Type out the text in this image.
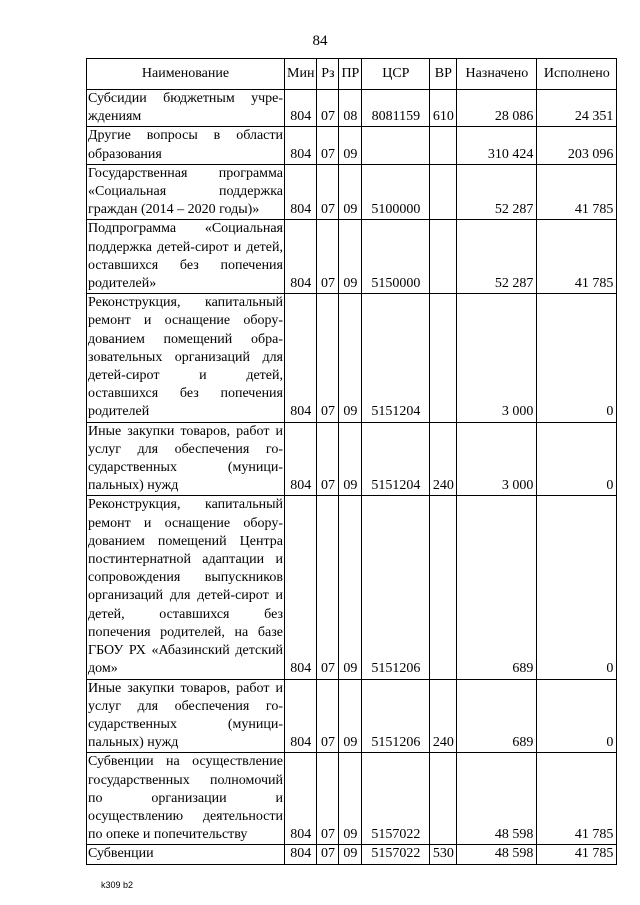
84
Наименование	Мин	Рз	ПР	ЦСР	ВР	Назначено	Исполнено
Субсидии бюджетным учреждениям	804	07	08	8081159	610	28 086	24 351
Другие вопросы в области образования	804	07	09			310 424	203 096
Государственная программа «Социальная поддержка граждан (2014 – 2020 годы)»	804	07	09	5100000		52 287	41 785
Подпрограмма «Социальная поддержка детей-сирот и детей, оставшихся без попечения родителей»	804	07	09	5150000		52 287	41 785
Реконструкция, капитальный ремонт и оснащение оборудованием помещений образовательных организаций для детей-сирот и детей, оставшихся без попечения родителей	804	07	09	5151204		3 000	0
Иные закупки товаров, работ и услуг для обеспечения государственных (муниципальных) нужд	804	07	09	5151204	240	3 000	0
Реконструкция, капитальный ремонт и оснащение оборудованием помещений Центра постинтернатной адаптации и сопровождения выпускников организаций для детей-сирот и детей, оставшихся без попечения родителей, на базе ГБОУ РХ «Абазинский детский дом»	804	07	09	5151206		689	0
Иные закупки товаров, работ и услуг для обеспечения государственных (муниципальных) нужд	804	07	09	5151206	240	689	0
Субвенции на осуществление государственных полномочий по организации и осуществлению деятельности по опеке и попечительству	804	07	09	5157022		48 598	41 785
Субвенции	804	07	09	5157022	530	48 598	41 785
k309 b2
